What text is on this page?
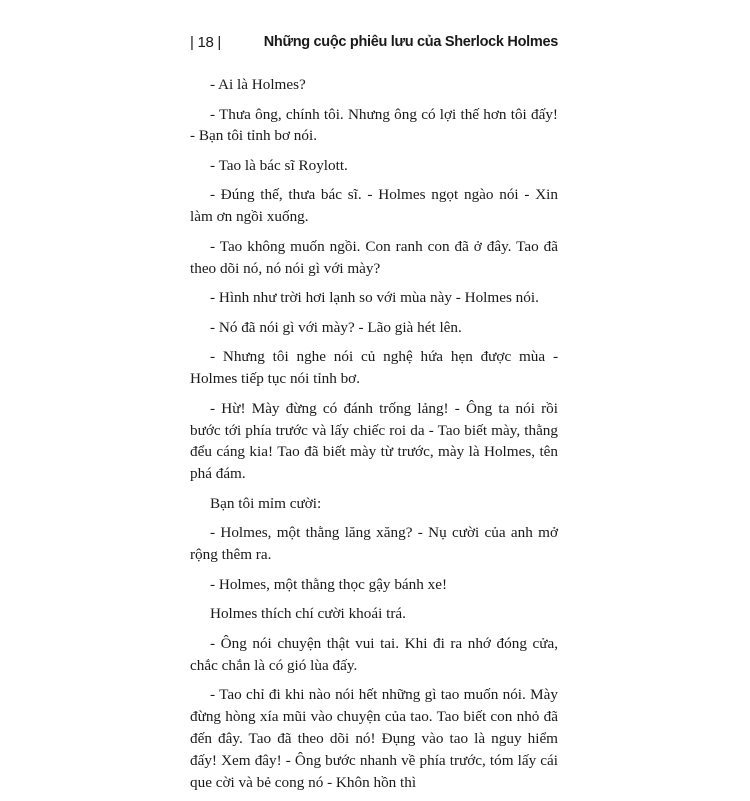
| 18 |	Những cuộc phiêu lưu của Sherlock Holmes

- Ai là Holmes?

- Thưa ông, chính tôi. Nhưng ông có lợi thế hơn tôi đấy! - Bạn tôi tỉnh bơ nói.

- Tao là bác sĩ Roylott.

- Đúng thế, thưa bác sĩ. - Holmes ngọt ngào nói - Xin làm ơn ngồi xuống.

- Tao không muốn ngồi. Con ranh con đã ở đây. Tao đã theo dõi nó, nó nói gì với mày?

- Hình như trời hơi lạnh so với mùa này - Holmes nói.

- Nó đã nói gì với mày? - Lão già hét lên.

- Nhưng tôi nghe nói củ nghệ hứa hẹn được mùa - Holmes tiếp tục nói tỉnh bơ.

- Hừ! Mày đừng có đánh trống lảng! - Ông ta nói rồi bước tới phía trước và lấy chiếc roi da - Tao biết mày, thằng đểu cáng kia! Tao đã biết mày từ trước, mày là Holmes, tên phá đám.

Bạn tôi mỉm cười:

- Holmes, một thằng lăng xăng? - Nụ cười của anh mở rộng thêm ra.

- Holmes, một thằng thọc gậy bánh xe!

Holmes thích chí cười khoái trá.

- Ông nói chuyện thật vui tai. Khi đi ra nhớ đóng cửa, chắc chắn là có gió lùa đấy.

- Tao chỉ đi khi nào nói hết những gì tao muốn nói. Mày đừng hòng xía mũi vào chuyện của tao. Tao biết con nhỏ đã đến đây. Tao đã theo dõi nó! Đụng vào tao là nguy hiểm đấy! Xem đây! - Ông bước nhanh về phía trước, tóm lấy cái que cời và bẻ cong nó - Khôn hồn thì
